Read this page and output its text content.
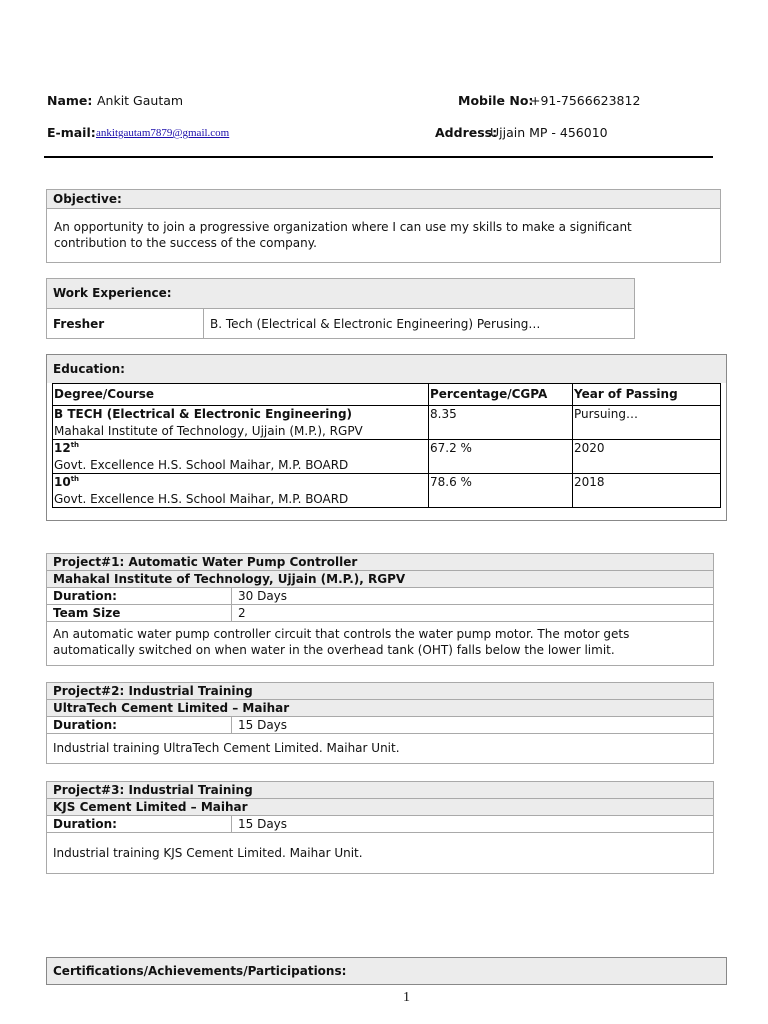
Name: Ankit Gautam	Mobile No:
+91-7566623812
E-mail: ankitgautam7879@gmail.com	Address:
Ujjain MP - 456010
Objective:
An opportunity to join a progressive organization where I can use my skills to make a significant contribution to the success of the company.
Work Experience:
Fresher	B. Tech (Electrical & Electronic Engineering) Perusing…
Education:
Degree/Course	Percentage/CGPA	Year of Passing

B TECH (Electrical & Electronic Engineering)
Mahakal Institute of Technology, Ujjain (M.P.), RGPV	8.35	Pursuing…

12th
Govt. Excellence H.S. School Maihar, M.P. BOARD	67.2 %	2020

10th
Govt. Excellence H.S. School Maihar, M.P. BOARD	78.6 %	2018
Project#1: Automatic Water Pump Controller
Mahakal Institute of Technology, Ujjain (M.P.), RGPV
Duration:	30 Days
Team Size	2
An automatic water pump controller circuit that controls the water pump motor. The motor gets automatically switched on when water in the overhead tank (OHT) falls below the lower limit.
Project#2: Industrial Training
UltraTech Cement Limited – Maihar
Duration:	15 Days
Industrial training UltraTech Cement Limited. Maihar Unit.
Project#3: Industrial Training
KJS Cement Limited – Maihar
Duration:	15 Days
Industrial training KJS Cement Limited. Maihar Unit.
Certifications/Achievements/Participations:
1
